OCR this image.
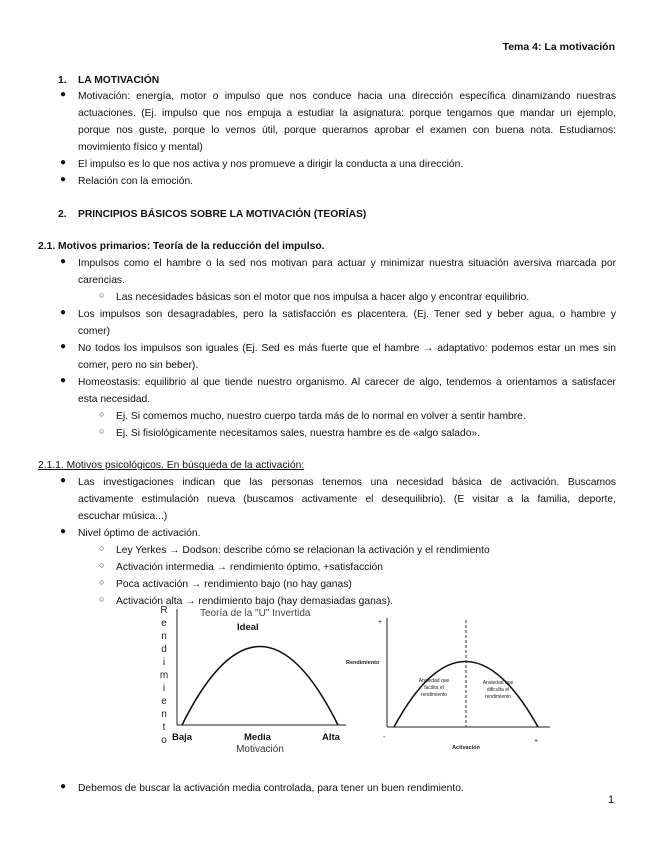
Tema 4: La motivación
1. LA MOTIVACIÓN
● Motivación: energía, motor o impulso que nos conduce hacia una dirección específica dinamizando nuestras
actuaciones. (Ej. impulso que nos empuja a estudiar la asignatura: porque tengamos que mandar un ejemplo,
porque nos guste, porque lo vemos útil, porque queramos aprobar el examen con buena nota. Estudiamos:
movimiento físico y mental)
● El impulso es lo que nos activa y nos promueve a dirigir la conducta a una dirección.
● Relación con la emoción.
2. PRINCIPIOS BÁSICOS SOBRE LA MOTIVACIÓN (TEORÍAS)
2.1. Motivos primarios: Teoría de la reducción del impulso.
● Impulsos como el hambre o la sed nos motivan para actuar y minimizar nuestra situación aversiva marcada por
carencias.
○ Las necesidades básicas son el motor que nos impulsa a hacer algo y encontrar equilibrio.
● Los impulsos son desagradables, pero la satisfacción es placentera. (Ej. Tener sed y beber agua, o hambre y
comer)
● No todos los impulsos son iguales (Ej. Sed es más fuerte que el hambre → adaptativo: podemos estar un mes sin
comer, pero no sin beber).
● Homeostasis: equilibrio al que tiende nuestro organismo. Al carecer de algo, tendemos a orientamos a satisfacer
esta necesidad.
○ Ej. Si comemos mucho, nuestro cuerpo tarda más de lo normal en volver a sentir hambre.
○ Ej. Si fisiológicamente necesitamos sales, nuestra hambre es de «algo salado».
2.1.1. Motivos psicológicos. En búsqueda de la activación:
● Las investigaciones indican que las personas tenemos una necesidad básica de activación. Buscamos
activamente estimulación nueva (buscamos activamente el desequilibrio). (E visitar a la familia, deporte,
escuchar música...)
● Nivel óptimo de activación.
○ Ley Yerkes → Dodson: describe cómo se relacionan la activación y el rendimiento
○ Activación intermedia → rendimiento óptimo, +satisfacción
○ Poca activación → rendimiento bajo (no hay ganas)
○ Activación alta → rendimiento bajo (hay demasiadas ganas).
Teoría de la "U" Invertida
Ideal
R
e
n
d
i
m
i
e
n
t
o Baja	Media	Alta
Motivación
+
Rendimiento
Ansiedad que
facilita el
rendimiento
Ansiedad que
dificulta el
rendimiento
-
Activación
+
● Debemos de buscar la activación media controlada, para tener un buen rendimiento.
1
